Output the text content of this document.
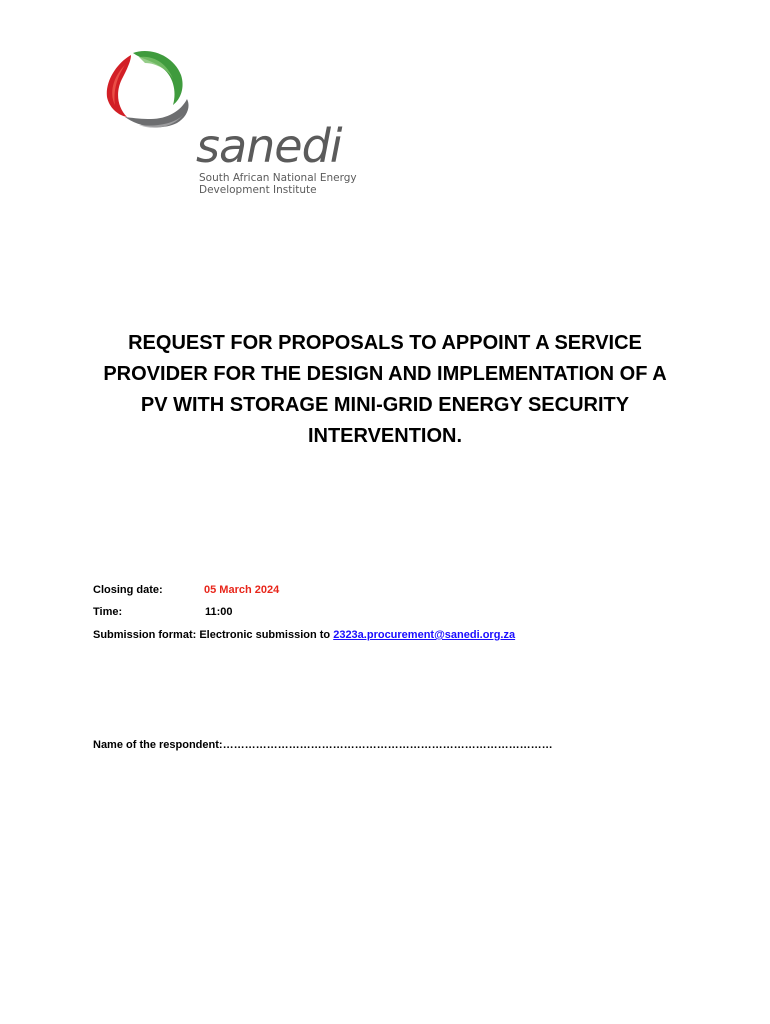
sanedi
South African National Energy
Development Institute
REQUEST FOR PROPOSALS TO APPOINT A SERVICE
PROVIDER FOR THE DESIGN AND IMPLEMENTATION OF A
PV WITH STORAGE MINI-GRID ENERGY SECURITY
INTERVENTION.
Closing date:	05 March 2024
Time:	11:00
Submission format: Electronic submission to 2323a.procurement@sanedi.org.za
Name of the respondent:………………………………………………………………………………
